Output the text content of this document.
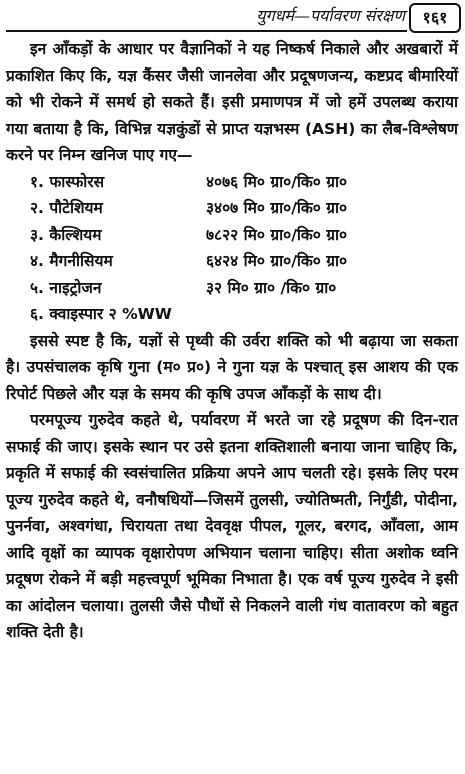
युगधर्म—पर्यावरण संरक्षण	१६१

इन आँकड़ों के आधार पर वैज्ञानिकों ने यह निष्कर्ष निकाले और अखबारों में प्रकाशित किए कि, यज्ञ कैंसर जैसी जानलेवा और प्रदूषणजन्य, कष्टप्रद बीमारियों को भी रोकने में समर्थ हो सकते हैं। इसी प्रमाणपत्र में जो हमें उपलब्ध कराया गया बताया है कि, विभिन्न यज्ञकुंडों से प्राप्त यज्ञभस्म (ASH) का लैब-विश्लेषण करने पर निम्न खनिज पाए गए—

१. फास्फोरस	४०७६ मि० ग्रा०/कि० ग्रा०
२. पौटेशियम	३४०७ मि० ग्रा०/कि० ग्रा०
३. कैल्शियम	७८२२ मि० ग्रा०/कि० ग्रा०
४. मैगनीसियम	६४२४ मि० ग्रा०/कि० ग्रा०
५. नाइट्रोजन	३२ मि० ग्रा० /कि० ग्रा०
६. क्वाइस्पार २ %WW

इससे स्पष्ट है कि, यज्ञों से पृथ्वी की उर्वरा शक्ति को भी बढ़ाया जा सकता है। उपसंचालक कृषि गुना (म० प्र०) ने गुना यज्ञ के पश्चात् इस आशय की एक रिपोर्ट पिछले और यज्ञ के समय की कृषि उपज आँकड़ों के साथ दी।

परमपूज्य गुरुदेव कहते थे, पर्यावरण में भरते जा रहे प्रदूषण की दिन-रात सफाई की जाए। इसके स्थान पर उसे इतना शक्तिशाली बनाया जाना चाहिए कि, प्रकृति में सफाई की स्वसंचालित प्रक्रिया अपने आप चलती रहे। इसके लिए परम पूज्य गुरुदेव कहते थे, वनौषधियों—जिसमें तुलसी, ज्योतिष्मती, निर्गुंडी, पोदीना, पुनर्नवा, अश्वगंधा, चिरायता तथा देववृक्ष पीपल, गूलर, बरगद, आँवला, आम आदि वृक्षों का व्यापक वृक्षारोपण अभियान चलाना चाहिए। सीता अशोक ध्वनि प्रदूषण रोकने में बड़ी महत्त्वपूर्ण भूमिका निभाता है। एक वर्ष पूज्य गुरुदेव ने इसी का आंदोलन चलाया। तुलसी जैसे पौधों से निकलने वाली गंध वातावरण को बहुत शक्ति देती है।
